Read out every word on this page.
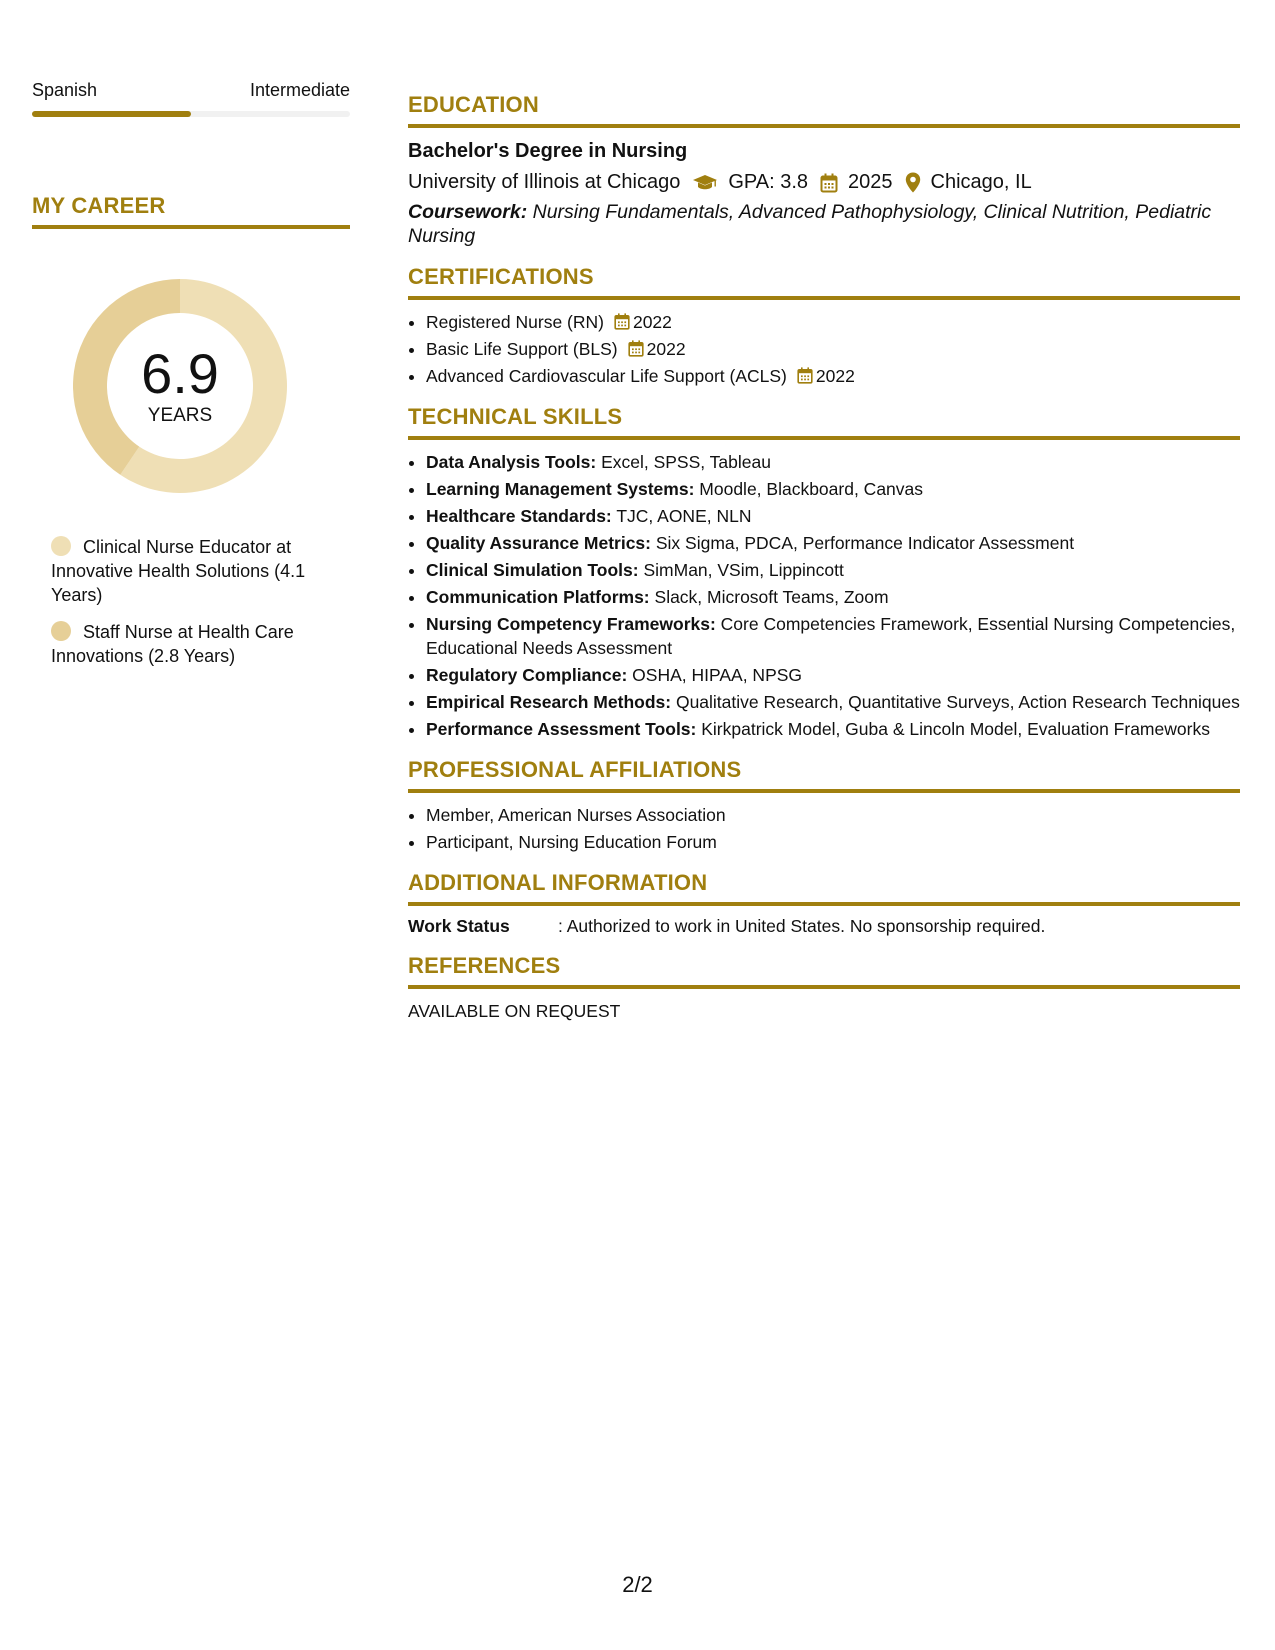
Spanish	Intermediate
MY CAREER
6.9
YEARS
Clinical Nurse Educator at Innovative Health Solutions (4.1 Years)
Staff Nurse at Health Care Innovations (2.8 Years)
EDUCATION
Bachelor's Degree in Nursing
University of Illinois at Chicago GPA: 3.8 2025 Chicago, IL
Coursework: Nursing Fundamentals, Advanced Pathophysiology, Clinical Nutrition, Pediatric Nursing
CERTIFICATIONS
• Registered Nurse (RN) 2022
• Basic Life Support (BLS) 2022
• Advanced Cardiovascular Life Support (ACLS) 2022
TECHNICAL SKILLS
• Data Analysis Tools: Excel, SPSS, Tableau
• Learning Management Systems: Moodle, Blackboard, Canvas
• Healthcare Standards: TJC, AONE, NLN
• Quality Assurance Metrics: Six Sigma, PDCA, Performance Indicator Assessment
• Clinical Simulation Tools: SimMan, VSim, Lippincott
• Communication Platforms: Slack, Microsoft Teams, Zoom
• Nursing Competency Frameworks: Core Competencies Framework, Essential Nursing Competencies, Educational Needs Assessment
• Regulatory Compliance: OSHA, HIPAA, NPSG
• Empirical Research Methods: Qualitative Research, Quantitative Surveys, Action Research Techniques
• Performance Assessment Tools: Kirkpatrick Model, Guba & Lincoln Model, Evaluation Frameworks
PROFESSIONAL AFFILIATIONS
• Member, American Nurses Association
• Participant, Nursing Education Forum
ADDITIONAL INFORMATION
Work Status	: Authorized to work in United States. No sponsorship required.
REFERENCES
AVAILABLE ON REQUEST
2/2
